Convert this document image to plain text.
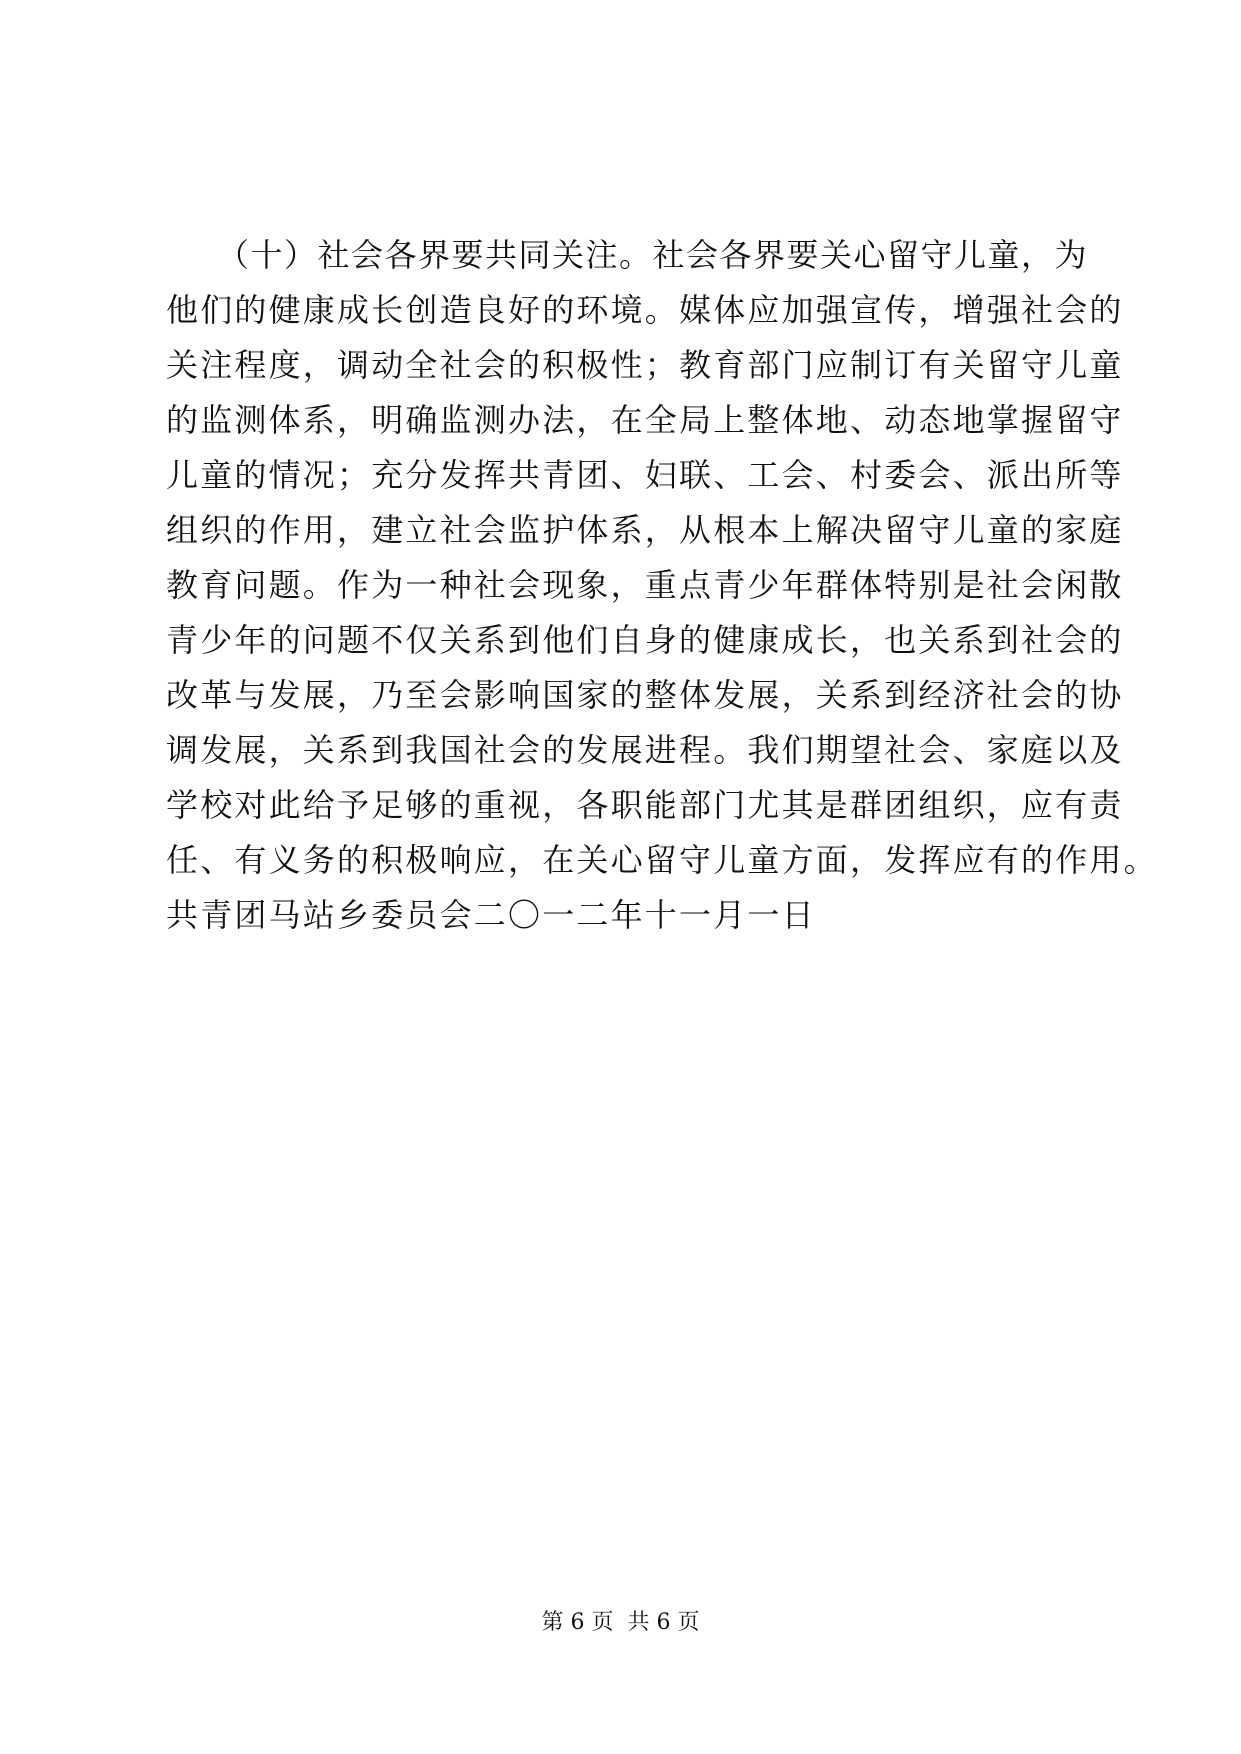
　　（十）社会各界要共同关注。社会各界要关心留守儿童，为
他们的健康成长创造良好的环境。媒体应加强宣传，增强社会的
关注程度，调动全社会的积极性；教育部门应制订有关留守儿童
的监测体系，明确监测办法，在全局上整体地、动态地掌握留守
儿童的情况；充分发挥共青团、妇联、工会、村委会、派出所等
组织的作用，建立社会监护体系，从根本上解决留守儿童的家庭
教育问题。作为一种社会现象，重点青少年群体特别是社会闲散
青少年的问题不仅关系到他们自身的健康成长，也关系到社会的
改革与发展，乃至会影响国家的整体发展，关系到经济社会的协
调发展，关系到我国社会的发展进程。我们期望社会、家庭以及
学校对此给予足够的重视，各职能部门尤其是群团组织，应有责
任、有义务的积极响应，在关心留守儿童方面，发挥应有的作用。
共青团马站乡委员会二〇一二年十一月一日
第 6 页  共 6 页
